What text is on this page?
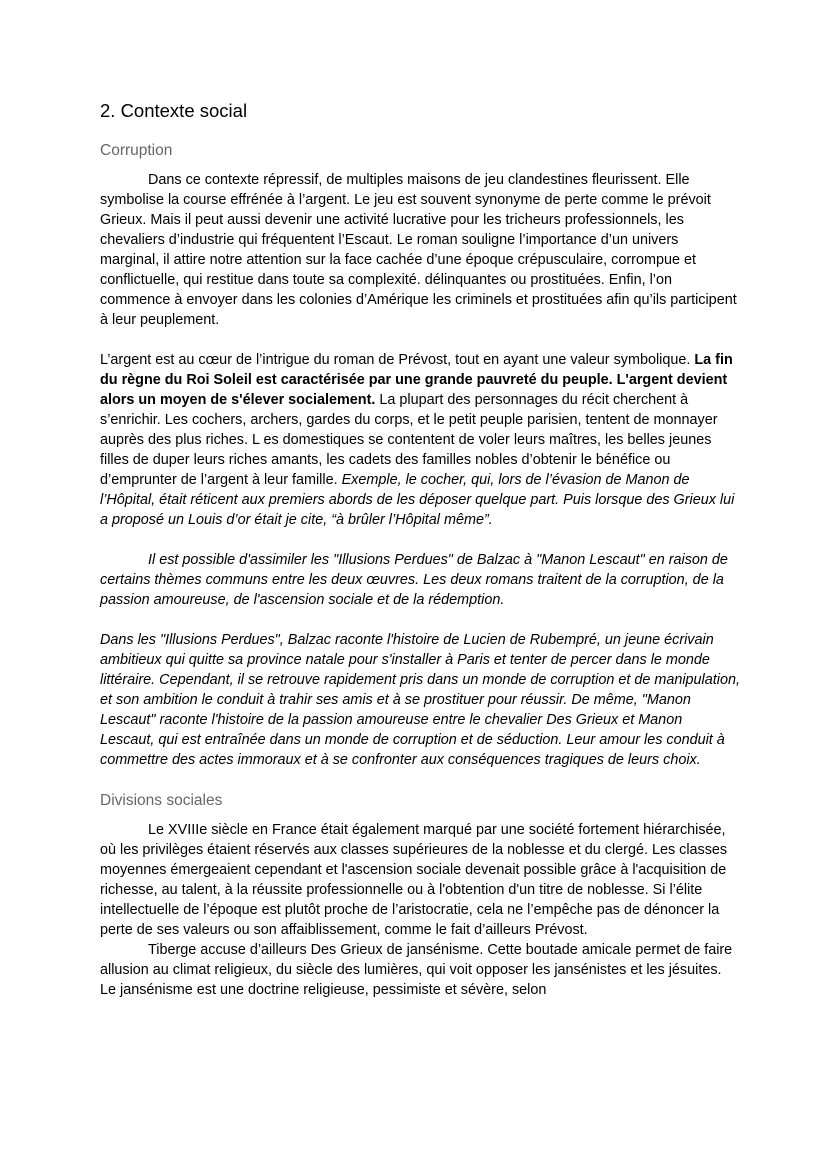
2. Contexte social
Corruption

Dans ce contexte répressif, de multiples maisons de jeu clandestines fleurissent. Elle symbolise la course effrénée à l’argent. Le jeu est souvent synonyme de perte comme le prévoit Grieux. Mais il peut aussi devenir une activité lucrative pour les tricheurs professionnels, les chevaliers d’industrie qui fréquentent l’Escaut. Le roman souligne l’importance d’un univers marginal, il attire notre attention sur la face cachée d’une époque crépusculaire, corrompue et conflictuelle, qui restitue dans toute sa complexité. délinquantes ou prostituées. Enfin, l’on commence à envoyer dans les colonies d’Amérique les criminels et prostituées afin qu’ils participent à leur peuplement.

L’argent est au cœur de l’intrigue du roman de Prévost, tout en ayant une valeur symbolique. La fin du règne du Roi Soleil est caractérisée par une grande pauvreté du peuple. L'argent devient alors un moyen de s'élever socialement. La plupart des personnages du récit cherchent à s’enrichir. Les cochers, archers, gardes du corps, et le petit peuple parisien, tentent de monnayer auprès des plus riches. L es domestiques se contentent de voler leurs maîtres, les belles jeunes filles de duper leurs riches amants, les cadets des familles nobles d’obtenir le bénéfice ou d’emprunter de l’argent à leur famille. Exemple, le cocher, qui, lors de l’évasion de Manon de l’Hôpital, était réticent aux premiers abords de les déposer quelque part. Puis lorsque des Grieux lui a proposé un Louis d’or était je cite, “à brûler l’Hôpital même”.

Il est possible d'assimiler les "Illusions Perdues" de Balzac à "Manon Lescaut" en raison de certains thèmes communs entre les deux œuvres. Les deux romans traitent de la corruption, de la passion amoureuse, de l'ascension sociale et de la rédemption.

Dans les "Illusions Perdues", Balzac raconte l'histoire de Lucien de Rubempré, un jeune écrivain ambitieux qui quitte sa province natale pour s'installer à Paris et tenter de percer dans le monde littéraire. Cependant, il se retrouve rapidement pris dans un monde de corruption et de manipulation, et son ambition le conduit à trahir ses amis et à se prostituer pour réussir. De même, "Manon Lescaut" raconte l'histoire de la passion amoureuse entre le chevalier Des Grieux et Manon Lescaut, qui est entraînée dans un monde de corruption et de séduction. Leur amour les conduit à commettre des actes immoraux et à se confronter aux conséquences tragiques de leurs choix.

Divisions sociales

Le XVIIIe siècle en France était également marqué par une société fortement hiérarchisée, où les privilèges étaient réservés aux classes supérieures de la noblesse et du clergé. Les classes moyennes émergeaient cependant et l'ascension sociale devenait possible grâce à l'acquisition de richesse, au talent, à la réussite professionnelle ou à l'obtention d'un titre de noblesse. Si l’élite intellectuelle de l’époque est plutôt proche de l’aristocratie, cela ne l’empêche pas de dénoncer la perte de ses valeurs ou son affaiblissement, comme le fait d’ailleurs Prévost.

Tiberge accuse d’ailleurs Des Grieux de jansénisme. Cette boutade amicale permet de faire allusion au climat religieux, du siècle des lumières, qui voit opposer les jansénistes et les jésuites. Le jansénisme est une doctrine religieuse, pessimiste et sévère, selon
